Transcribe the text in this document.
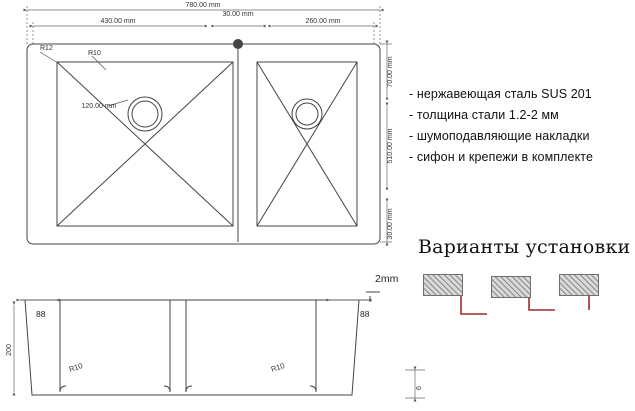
780.00 mm
430.00 mm
30.00 mm
260.00 mm
70.00 mm
510.00 mm
30.00 mm
120.00 mm
R12
R10
2mm
88	88
200
R10	R10
6
- нержавеющая сталь SUS 201
- толщина стали 1.2-2 мм
- шумоподавляющие накладки
- сифон и крепежи в комплекте
Варианты установки
